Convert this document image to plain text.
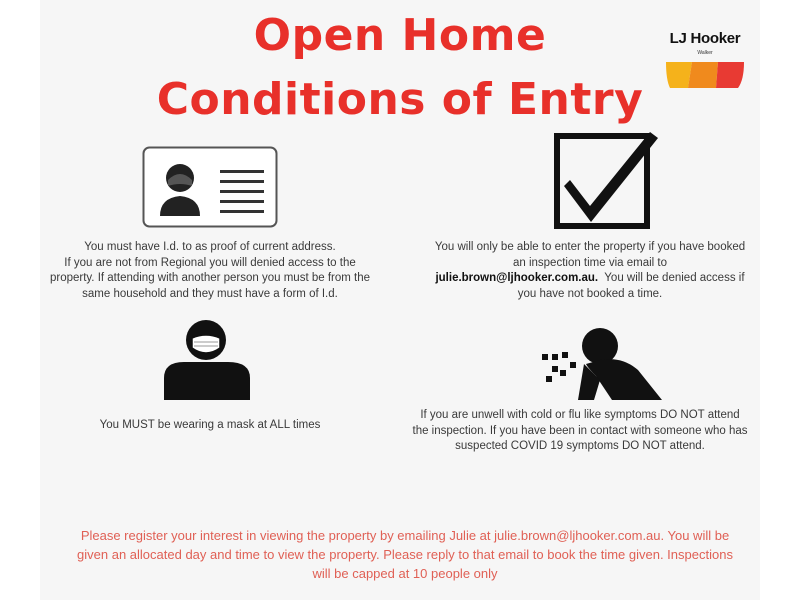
Open Home
Conditions of Entry
LJ Hooker
Walker
You must have I.d. to as proof of current address.
If you are not from Regional you will denied access to the
property. If attending with another person you must be from the
same household and they must have a form of I.d.
You will only be able to enter the property if you have booked
an inspection time via email to
julie.brown@ljhooker.com.au.  You will be denied access if
you have not booked a time.
You MUST be wearing a mask at ALL times
If you are unwell with cold or flu like symptoms DO NOT attend
the inspection. If you have been in contact with someone who has
suspected COVID 19 symptoms DO NOT attend.
Please register your interest in viewing the property by emailing Julie at julie.brown@ljhooker.com.au. You will be
given an allocated day and time to view the property. Please reply to that email to book the time given. Inspections
will be capped at 10 people only
